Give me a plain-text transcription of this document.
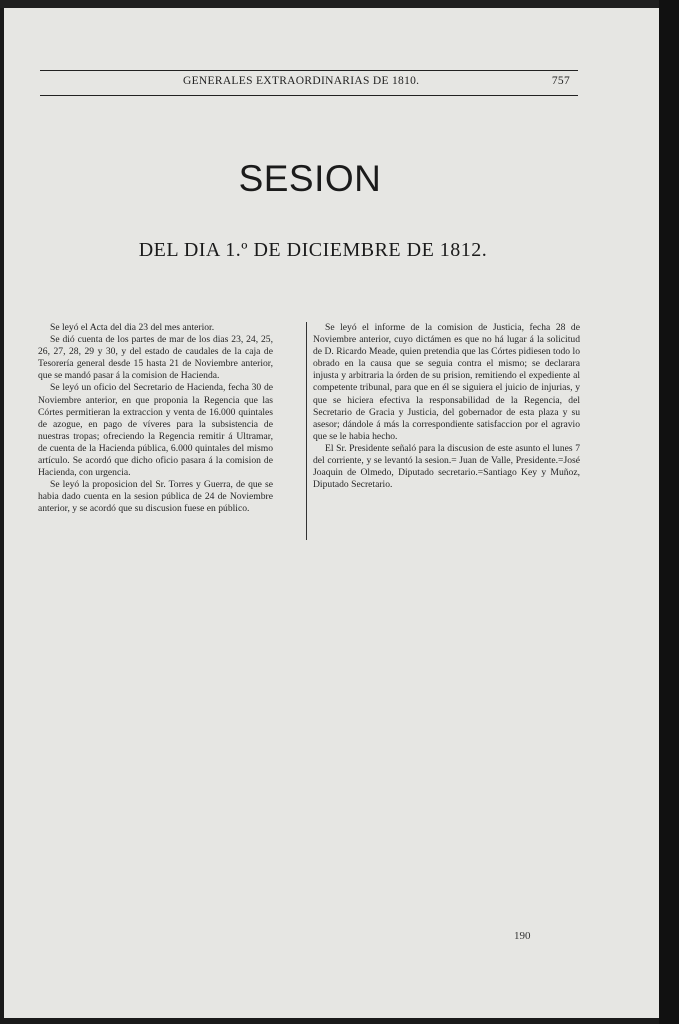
GENERALES EXTRAORDINARIAS DE 1810.	757
SESION
DEL DIA 1.º DE DICIEMBRE DE 1812.

Se leyó el Acta del dia 23 del mes anterior.

Se dió cuenta de los partes de mar de los dias 23, 24, 25, 26, 27, 28, 29 y 30, y del estado de caudales de la caja de Tesorería general desde 15 hasta 21 de Noviembre anterior, que se mandó pasar á la comision de Hacienda.

Se leyó un oficio del Secretario de Hacienda, fecha 30 de Noviembre anterior, en que proponia la Regencia que las Córtes permitieran la extraccion y venta de 16.000 quintales de azogue, en pago de víveres para la subsistencia de nuestras tropas; ofreciendo la Regencia remitir á Ultramar, de cuenta de la Hacienda pública, 6.000 quintales del mismo artículo. Se acordó que dicho oficio pasara á la comision de Hacienda, con urgencia.

Se leyó la proposicion del Sr. Torres y Guerra, de que se habia dado cuenta en la sesion pública de 24 de Noviembre anterior, y se acordó que su discusion fuese en público.

Se leyó el informe de la comision de Justicia, fecha 28 de Noviembre anterior, cuyo dictámen es que no há lugar á la solicitud de D. Ricardo Meade, quien pretendia que las Córtes pidiesen todo lo obrado en la causa que se seguia contra el mismo; se declarara injusta y arbitraria la órden de su prision, remitiendo el expediente al competente tribunal, para que en él se siguiera el juicio de injurias, y que se hiciera efectiva la responsabilidad de la Regencia, del Secretario de Gracia y Justicia, del gobernador de esta plaza y su asesor; dándole á más la correspondiente satisfaccion por el agravio que se le habia hecho.

El Sr. Presidente señaló para la discusion de este asunto el lunes 7 del corriente, y se levantó la sesion.= Juan de Valle, Presidente.=José Joaquin de Olmedo, Diputado secretario.=Santiago Key y Muñoz, Diputado Secretario.

190
